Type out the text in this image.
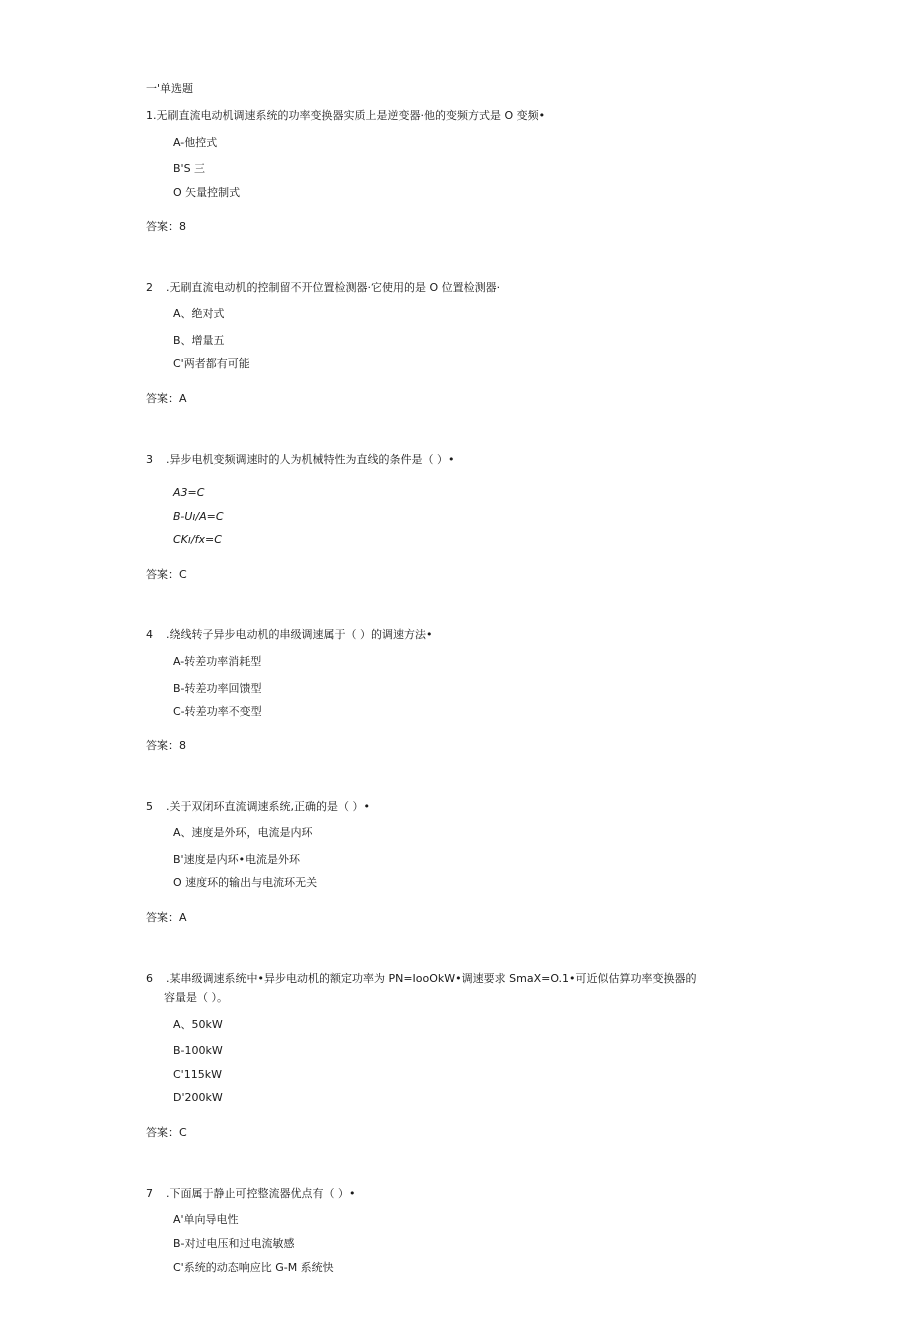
一'单选题
1.无刷直流电动机调速系统的功率变换器实质上是逆变器·他的变频方式是 O 变频•
A-他控式
B'S 三
O 矢量控制式
答案：8
2 .无刷直流电动机的控制留不开位置检测器·它使用的是 O 位置检测器·
A、绝对式
B、增量五
C'两者都有可能
答案：A
3 .异步电机变频调速时的人为机械特性为直线的条件是（ ）•
A3=C
B-Uı/A=C
CKı/fx=C
答案：C
4 .绕线转子异步电动机的串级调速属于（ ）的调速方法•
A-转差功率消耗型
B-转差功率回馈型
C-转差功率不变型
答案：8
5 .关于双闭环直流调速系统,正确的是（ ）•
A、速度是外环，电流是内环
B'速度是内环•电流是外环
O 速度环的输出与电流环无关
答案：A
6 .某串级调速系统中•异步电动机的额定功率为 PN=IooOkW•调速要求 SmaX=O.1•可近似估算功率变换器的
容量是（ ）。
A、50kW
B-100kW
C'115kW
D'200kW
答案：C
7 .下面属于静止可控整流器优点有（ ）•
A'单向导电性
B-对过电压和过电流敏感
C'系统的动态响应比 G-M 系统快
